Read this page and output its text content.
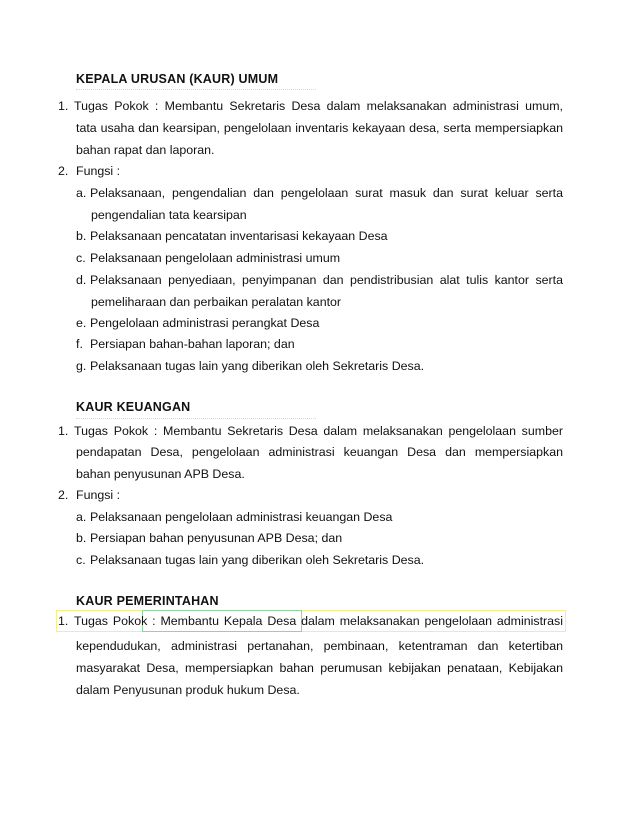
KEPALA URUSAN (KAUR) UMUM
1. Tugas Pokok : Membantu Sekretaris Desa dalam melaksanakan administrasi umum,
tata usaha dan kearsipan, pengelolaan inventaris kekayaan desa, serta mempersiapkan
bahan rapat dan laporan.
2. Fungsi :
a. Pelaksanaan, pengendalian dan pengelolaan surat masuk dan surat keluar serta
pengendalian tata kearsipan
b. Pelaksanaan pencatatan inventarisasi kekayaan Desa
c. Pelaksanaan pengelolaan administrasi umum
d. Pelaksanaan penyediaan, penyimpanan dan pendistribusian alat tulis kantor serta
pemeliharaan dan perbaikan peralatan kantor
e. Pengelolaan administrasi perangkat Desa
f. Persiapan bahan-bahan laporan; dan
g. Pelaksanaan tugas lain yang diberikan oleh Sekretaris Desa.
KAUR KEUANGAN
1. Tugas Pokok : Membantu Sekretaris Desa dalam melaksanakan pengelolaan sumber
pendapatan Desa, pengelolaan administrasi keuangan Desa dan mempersiapkan
bahan penyusunan APB Desa.
2. Fungsi :
a. Pelaksanaan pengelolaan administrasi keuangan Desa
b. Persiapan bahan penyusunan APB Desa; dan
c. Pelaksanaan tugas lain yang diberikan oleh Sekretaris Desa.
KAUR PEMERINTAHAN
1. Tugas Pokok : Membantu Kepala Desa dalam melaksanakan pengelolaan administrasi
kependudukan, administrasi pertanahan, pembinaan, ketentraman dan ketertiban
masyarakat Desa, mempersiapkan bahan perumusan kebijakan penataan, Kebijakan
dalam Penyusunan produk hukum Desa.
